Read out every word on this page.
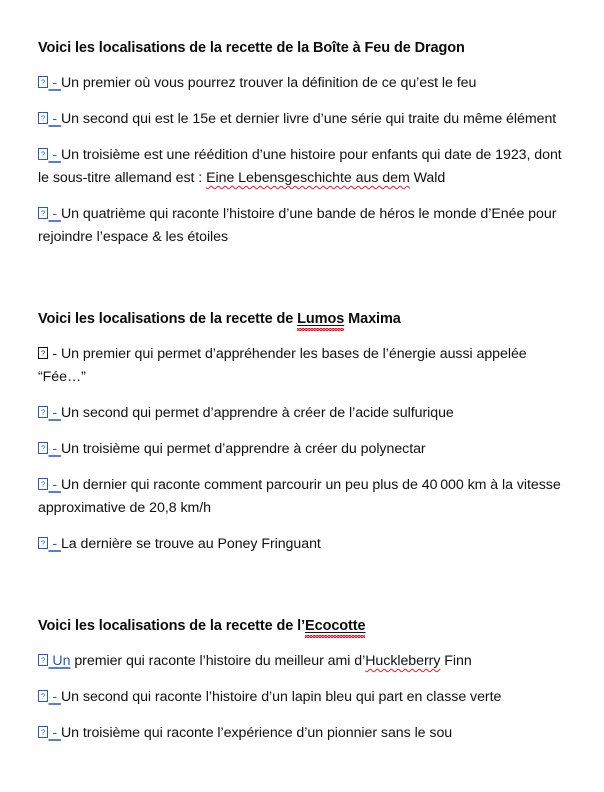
Voici les localisations de la recette de la Boîte à Feu de Dragon

? - Un premier où vous pourrez trouver la définition de ce qu’est le feu

? - Un second qui est le 15e et dernier livre d’une série qui traite du même élément

? - Un troisième est une réédition d’une histoire pour enfants qui date de 1923, dont le sous-titre allemand est : Eine Lebensgeschichte aus dem Wald

? - Un quatrième qui raconte l’histoire d’une bande de héros le monde d’Enée pour rejoindre l’espace & les étoiles

Voici les localisations de la recette de Lumos Maxima

? - Un premier qui permet d’appréhender les bases de l’énergie aussi appelée “Fée…”

? - Un second qui permet d’apprendre à créer de l’acide sulfurique

? - Un troisième qui permet d’apprendre à créer du polynectar

? - Un dernier qui raconte comment parcourir un peu plus de 40 000 km à la vitesse approximative de 20,8 km/h

? - La dernière se trouve au Poney Fringuant

Voici les localisations de la recette de l’Ecocotte

? Un premier qui raconte l’histoire du meilleur ami d’Huckleberry Finn

? - Un second qui raconte l’histoire d’un lapin bleu qui part en classe verte

? - Un troisième qui raconte l’expérience d’un pionnier sans le sou
